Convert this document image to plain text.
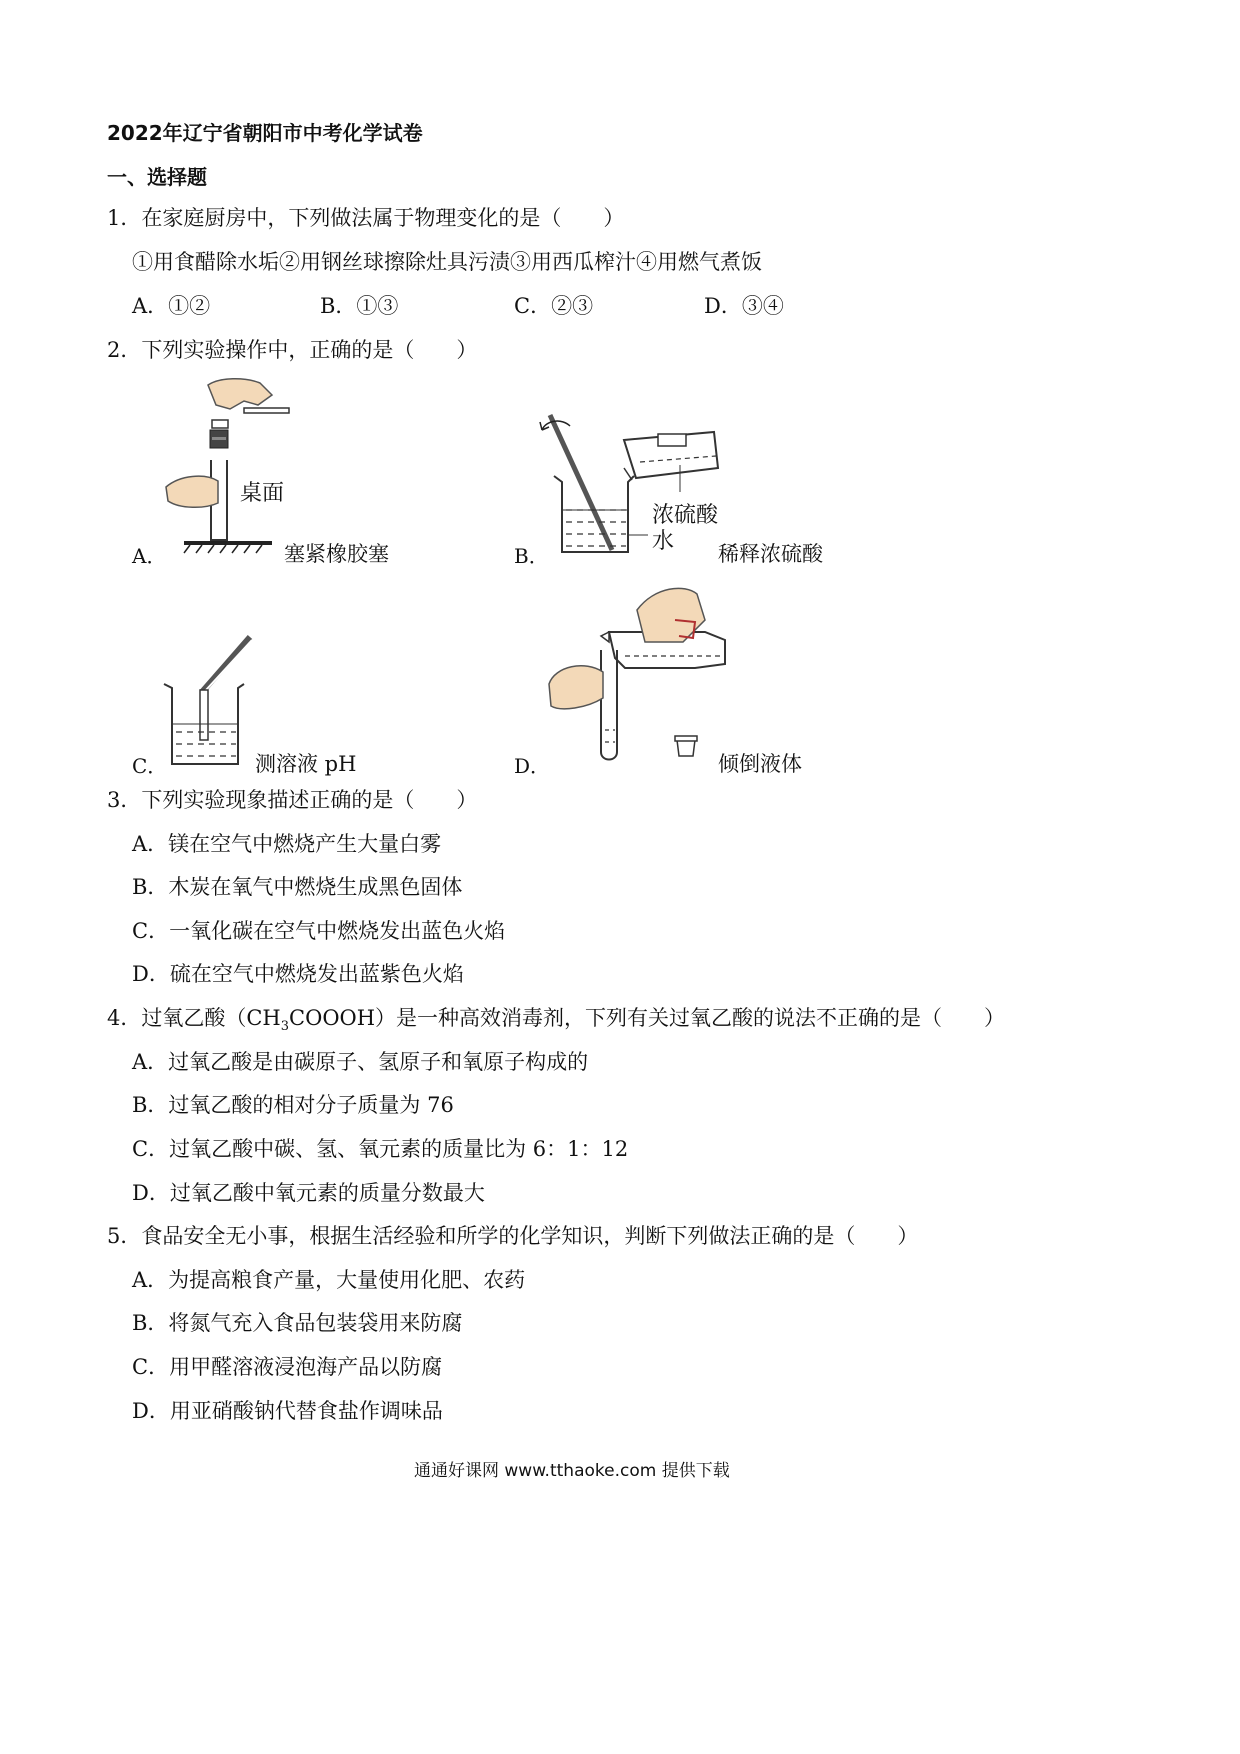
2022年辽宁省朝阳市中考化学试卷
一、选择题
1．在家庭厨房中，下列做法属于物理变化的是（　　）
①用食醋除水垢②用钢丝球擦除灶具污渍③用西瓜榨汁④用燃气煮饭
A．①②	B．①③	C．②③	D．③④
2．下列实验操作中，正确的是（　　）
桌面
A．	塞紧橡胶塞
浓硫酸
水
B．	稀释浓硫酸
C．	测溶液 pH	D．	倾倒液体
3．下列实验现象描述正确的是（　　）
A．镁在空气中燃烧产生大量白雾
B．木炭在氧气中燃烧生成黑色固体
C．一氧化碳在空气中燃烧发出蓝色火焰
D．硫在空气中燃烧发出蓝紫色火焰
4．过氧乙酸$(CH_3COOOH)$是一种高效消毒剂，下列有关过氧乙酸的说法不正确的是（　　）
A．过氧乙酸是由碳原子、氢原子和氧原子构成的
B．过氧乙酸的相对分子质量为 76
C．过氧乙酸中碳、氢、氧元素的质量比为 6：1：12
D．过氧乙酸中氧元素的质量分数最大
5．食品安全无小事，根据生活经验和所学的化学知识，判断下列做法正确的是（　　）
A．为提高粮食产量，大量使用化肥、农药
B．将氮气充入食品包装袋用来防腐
C．用甲醛溶液浸泡海产品以防腐
D．用亚硝酸钠代替食盐作调味品
通通好课网 www.tthaoke.com 提供下载
